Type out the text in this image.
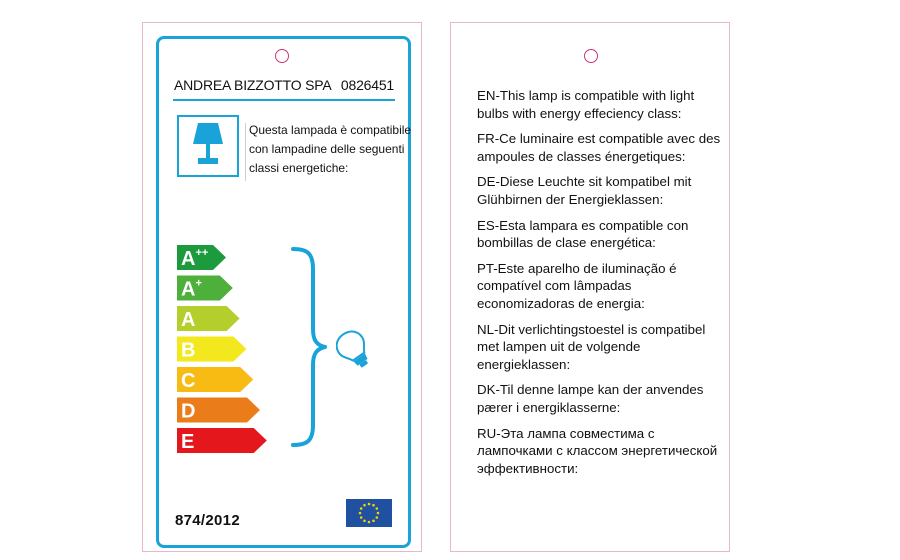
ANDREA BIZZOTTO SPA 0826451
Questa lampada è compatibile con lampadine delle seguenti classi energetiche:
A++
A+
A
B
C
D
E
874/2012

EN-This lamp is compatible with light bulbs with energy effeciency class:

FR-Ce luminaire est compatible avec des ampoules de classes énergetiques:

DE-Diese Leuchte sit kompatibel mit Glühbirnen der Energieklassen:

ES-Esta lampara es compatible con bombillas de clase energética:

PT-Este aparelho de iluminação é compatível com lâmpadas economizadoras de energia:

NL-Dit verlichtingstoestel is compatibel met lampen uit de volgende energieklassen:

DK-Til denne lampe kan der anvendes pærer i energiklasserne:

RU-Эта лампа совместима с лампочками с классом энергетической эффективности:
